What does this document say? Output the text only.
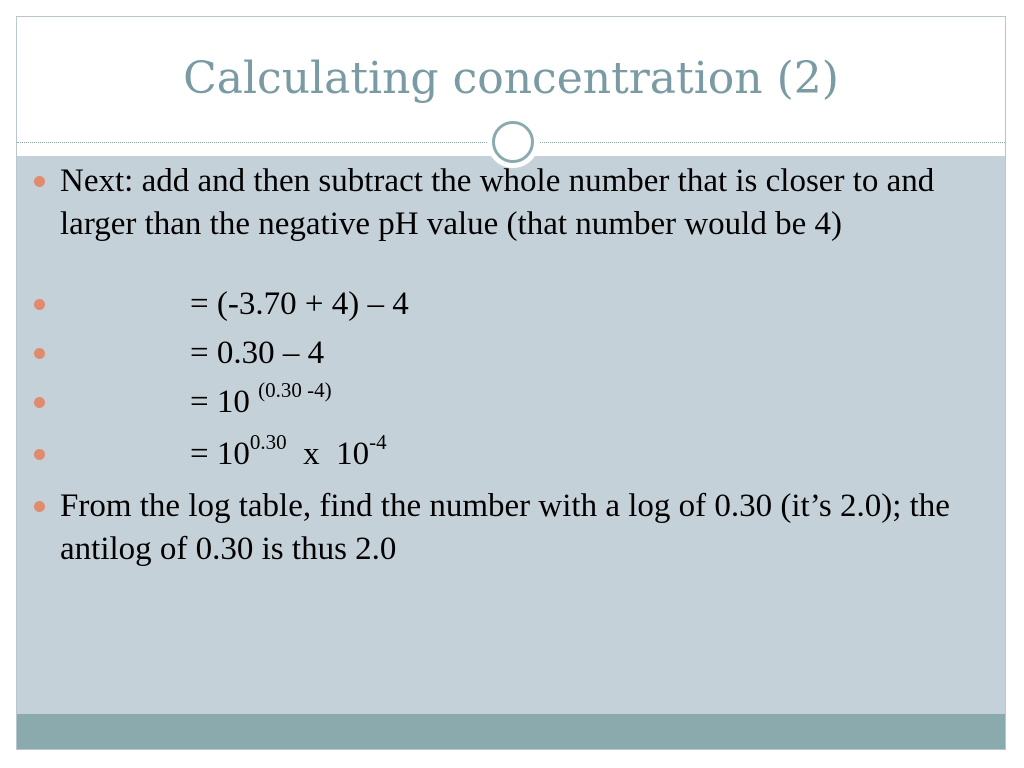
Calculating concentration (2)
Next: add and then subtract the whole number that is closer to and larger than the negative pH value (that number would be 4)
= (-3.70 + 4) – 4
= 0.30 – 4
= 10 $^{(0.30 -4)}$
= $10^{0.30}$  x  $10^{-4}$
From the log table, find the number with a log of 0.30 (it’s 2.0); the antilog of 0.30 is thus 2.0
